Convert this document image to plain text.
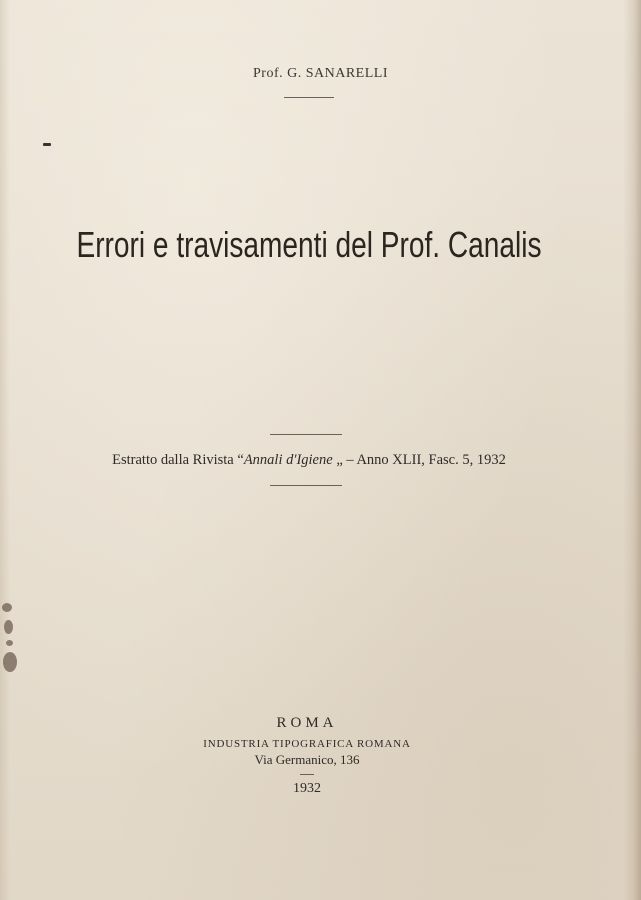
Prof. G. SANARELLI
Errori e travisamenti del Prof. Canalis
Estratto dalla Rivista “Annali d'Igiene „ – Anno XLII, Fasc. 5, 1932
ROMA
INDUSTRIA TIPOGRAFICA ROMANA
Via Germanico, 136
1932
